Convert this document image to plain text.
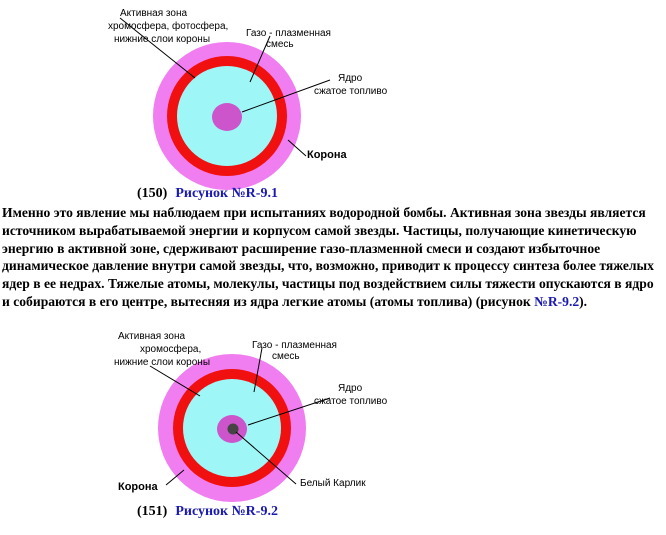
Активная зона
хромосфера, фотосфера,
нижние слои короны
Газо - плазменная
смесь
Ядро
сжатое топливо
Корона
(150) Рисунок №R-9.1
Именно это явление мы наблюдаем при испытаниях водородной бомбы. Активная зона звезды является источником вырабатываемой энергии и корпусом самой звезды. Частицы, получающие кинетическую энергию в активной зоне, сдерживают расширение газо-плазменной смеси и создают избыточное динамическое давление внутри самой звезды, что, возможно, приводит к процессу синтеза более тяжелых ядер в ее недрах. Тяжелые атомы, молекулы, частицы под воздействием силы тяжести опускаются в ядро и собираются в его центре, вытесняя из ядра легкие атомы (атомы топлива) (рисунок №R-9.2).
Активная зона
хромосфера,
нижние слои короны
Газо - плазменная
смесь
Ядро
сжатое топливо
Белый Карлик
Корона
(151) Рисунок №R-9.2
